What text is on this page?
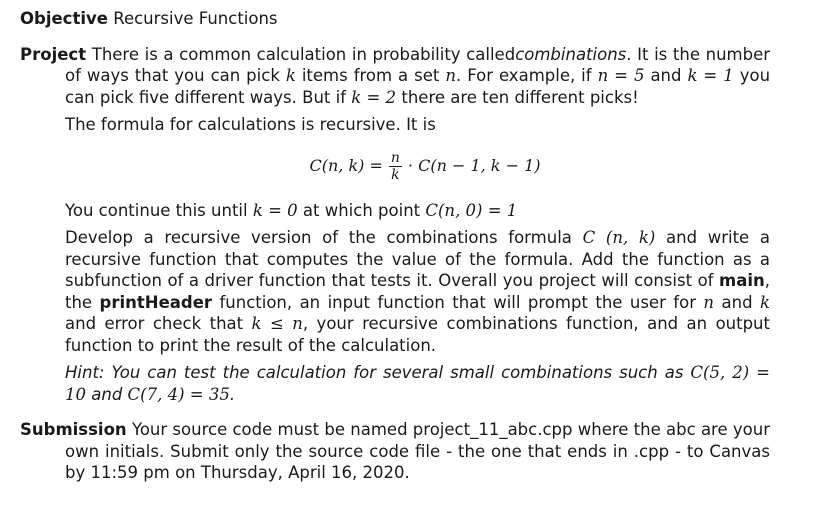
Objective Recursive Functions
Project There is a common calculation in probability calledcombinations. It is the number of ways that you can pick k items from a set n. For example, if n = 5 and k = 1 you can pick five different ways. But if k = 2 there are ten different picks!
The formula for calculations is recursive. It is
C(n, $k) = \frac{n}{k} \cdot C(n - 1$, k − 1)
You continue this until k = 0 at which point C(n, 0) = 1
Develop a recursive version of the combinations formula C (n, k) and write a recursive function that computes the value of the formula. Add the function as a subfunction of a driver function that tests it. Overall you project will consist of main, the printHeader function, an input function that will prompt the user for n and k and error check that k ≤ n, your recursive combinations function, and an output function to print the result of the calculation.
Hint: You can test the calculation for several small combinations such as C(5, 2) = 10 and C(7, 4) = 35.
Submission Your source code must be named project_11_abc.cpp where the abc are your own initials. Submit only the source code file - the one that ends in .cpp - to Canvas by 11:59 pm on Thursday, April 16, 2020.
